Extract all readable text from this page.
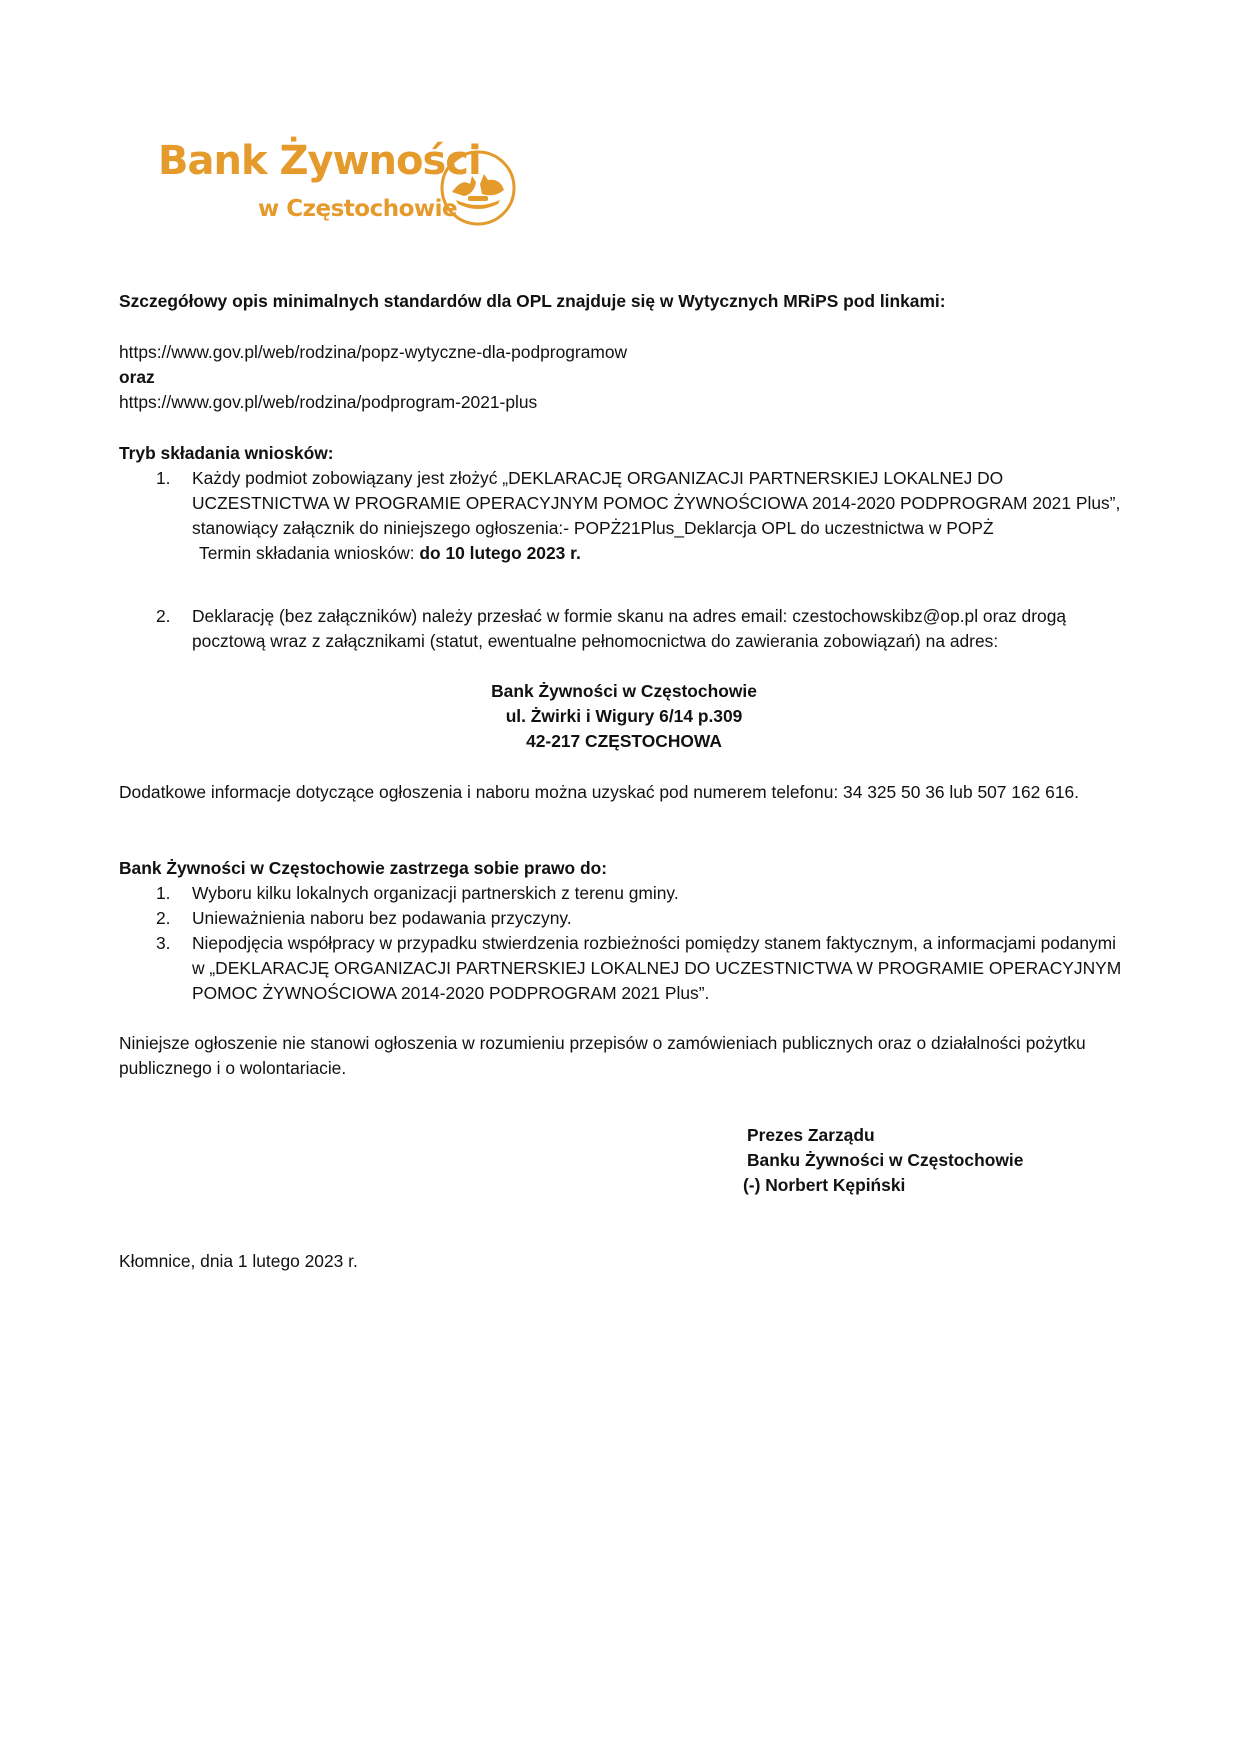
Bank Żywności
w Częstochowie
Szczegółowy opis minimalnych standardów dla OPL znajduje się w Wytycznych MRiPS pod linkami:
https://www.gov.pl/web/rodzina/popz-wytyczne-dla-podprogramow
oraz
https://www.gov.pl/web/rodzina/podprogram-2021-plus
Tryb składania wniosków:
1. Każdy podmiot zobowiązany jest złożyć „DEKLARACJĘ ORGANIZACJI PARTNERSKIEJ LOKALNEJ DO UCZESTNICTWA W PROGRAMIE OPERACYJNYM POMOC ŻYWNOŚCIOWA 2014-2020 PODPROGRAM 2021 Plus”, stanowiący załącznik do niniejszego ogłoszenia:- POPŻ21Plus_Deklarcja OPL do uczestnictwa w POPŻ
Termin składania wniosków: do 10 lutego 2023 r.
2. Deklarację (bez załączników) należy przesłać w formie skanu na adres email: czestochowskibz@op.pl oraz drogą pocztową wraz z załącznikami (statut, ewentualne pełnomocnictwa do zawierania zobowiązań) na adres:
Bank Żywności w Częstochowie
ul. Żwirki i Wigury 6/14 p.309
42-217 CZĘSTOCHOWA
Dodatkowe informacje dotyczące ogłoszenia i naboru można uzyskać pod numerem telefonu: 34 325 50 36 lub 507 162 616.
Bank Żywności w Częstochowie zastrzega sobie prawo do:
1. Wyboru kilku lokalnych organizacji partnerskich z terenu gminy.
2. Unieważnienia naboru bez podawania przyczyny.
3. Niepodjęcia współpracy w przypadku stwierdzenia rozbieżności pomiędzy stanem faktycznym, a informacjami podanymi w „DEKLARACJĘ ORGANIZACJI PARTNERSKIEJ LOKALNEJ DO UCZESTNICTWA W PROGRAMIE OPERACYJNYM POMOC ŻYWNOŚCIOWA 2014-2020 PODPROGRAM 2021 Plus”.
Niniejsze ogłoszenie nie stanowi ogłoszenia w rozumieniu przepisów o zamówieniach publicznych oraz o działalności pożytku publicznego i o wolontariacie.
Prezes Zarządu
Banku Żywności w Częstochowie
(-) Norbert Kępiński
Kłomnice, dnia 1 lutego 2023 r.
